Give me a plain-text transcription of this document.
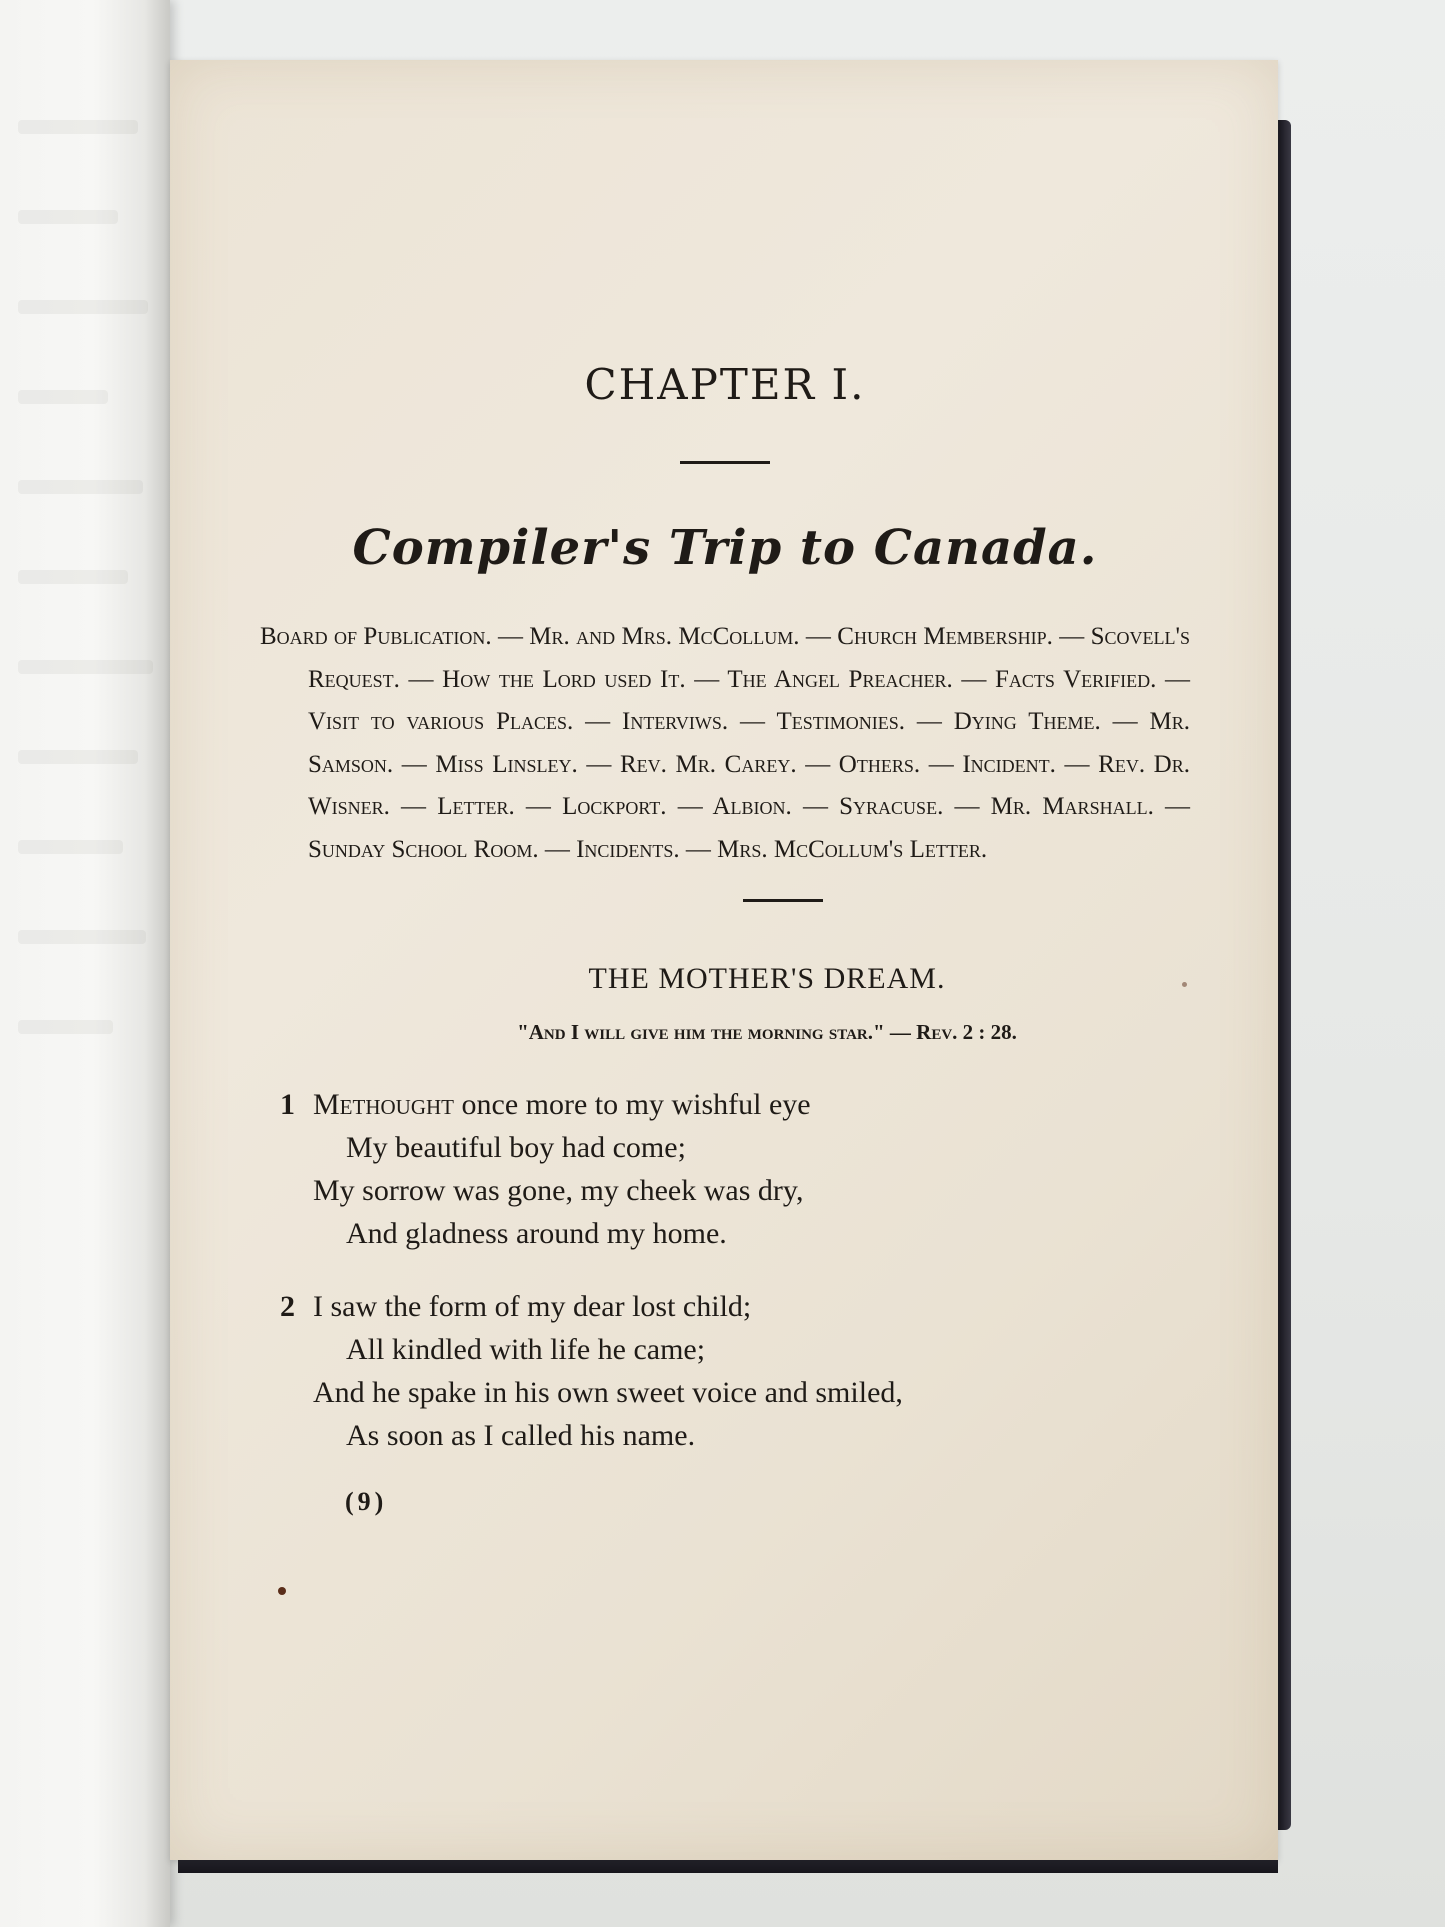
CHAPTER I.
Compiler's Trip to Canada.
Board of Publication. — Mr. and Mrs. McCollum. — Church Membership. — Scovell's Request. — How the Lord used It. — The Angel Preacher. — Facts Verified. — Visit to various Places. — Interviws. — Testimonies. — Dying Theme. — Mr. Samson. — Miss Linsley. — Rev. Mr. Carey. — Others. — Incident. — Rev. Dr. Wisner. — Letter. — Lockport. — Albion. — Syracuse. — Mr. Marshall. — Sunday School Room. — Incidents. — Mrs. McCollum's Letter.
THE MOTHER'S DREAM.
"And I will give him the morning star." — Rev. 2 : 28.
1 Methought once more to my wishful eye
My beautiful boy had come;
My sorrow was gone, my cheek was dry,
And gladness around my home.
2 I saw the form of my dear lost child;
All kindled with life he came;
And he spake in his own sweet voice and smiled,
As soon as I called his name.
(9)
